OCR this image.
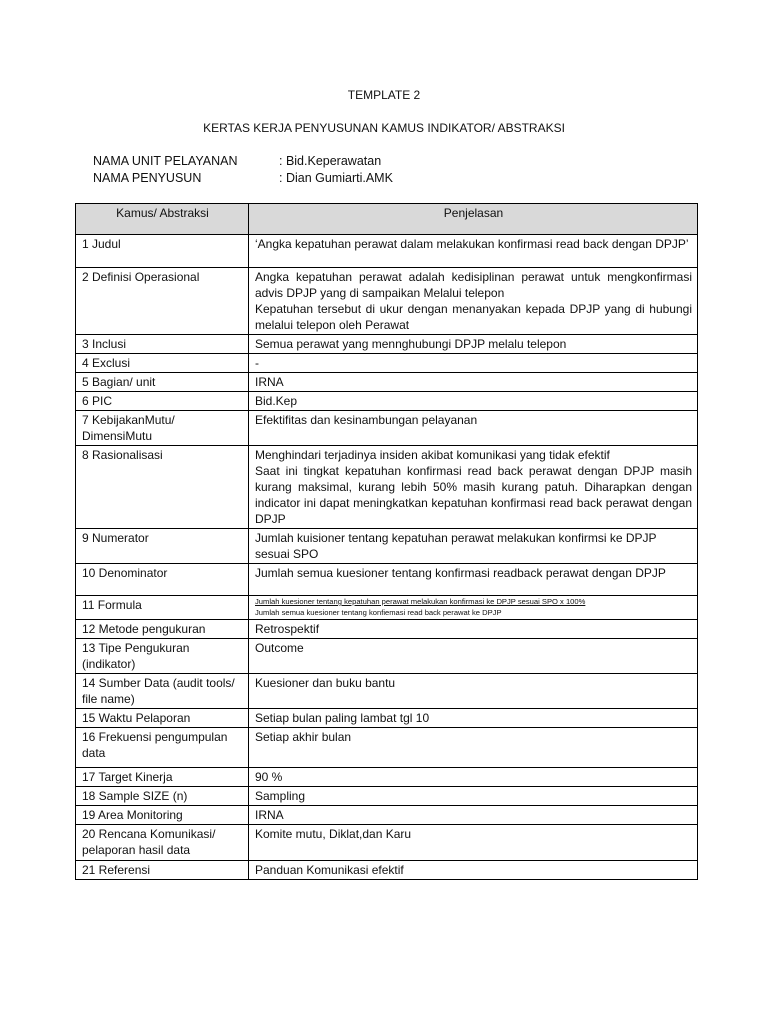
TEMPLATE 2
KERTAS KERJA PENYUSUNAN KAMUS INDIKATOR/ ABSTRAKSI
NAMA UNIT PELAYANAN	: Bid.Keperawatan
NAMA PENYUSUN	: Dian Gumiarti.AMK
Kamus/ Abstraksi	Penjelasan
1 Judul	‘Angka kepatuhan perawat dalam melakukan konfirmasi read back dengan DPJP’

2 Definisi Operasional	Angka kepatuhan perawat adalah kedisiplinan perawat untuk mengkonfirmasi advis DPJP yang di sampaikan Melalui telepon
Kepatuhan tersebut di ukur dengan menanyakan kepada DPJP yang di hubungi melalui telepon oleh Perawat

3 Inclusi	Semua perawat yang mennghubungi DPJP melalu telepon

4 Exclusi	-

5 Bagian/ unit	IRNA

6 PIC	Bid.Kep

7 KebijakanMutu/ DimensiMutu	Efektifitas dan kesinambungan pelayanan

8 Rasionalisasi	Menghindari terjadinya insiden akibat komunikasi yang tidak efektif
Saat ini tingkat kepatuhan konfirmasi read back perawat dengan DPJP masih kurang maksimal, kurang lebih 50% masih kurang patuh. Diharapkan dengan indicator ini dapat meningkatkan kepatuhan konfirmasi read back perawat dengan DPJP

9 Numerator	Jumlah kuisioner tentang kepatuhan perawat melakukan konfirmsi ke DPJP sesuai SPO

10 Denominator	Jumlah semua kuesioner tentang konfirmasi readback perawat dengan DPJP

11 Formula	Jumlah kuesioner tentang kepatuhan perawat melakukan konfirmasi ke DPJP sesuai SPO x 100%
Jumlah semua kuesioner tentang konfiemasi read back perawat ke DPJP

12 Metode pengukuran	Retrospektif

13 Tipe Pengukuran (indikator)	Outcome

14 Sumber Data (audit tools/ file name)	Kuesioner dan buku bantu

15 Waktu Pelaporan	Setiap bulan paling lambat tgl 10

16 Frekuensi pengumpulan data	Setiap akhir bulan

17 Target Kinerja	90 %

18 Sample SIZE (n)	Sampling

19 Area Monitoring	IRNA

20 Rencana Komunikasi/ pelaporan hasil data	Komite mutu, Diklat,dan Karu

21 Referensi	Panduan Komunikasi efektif
